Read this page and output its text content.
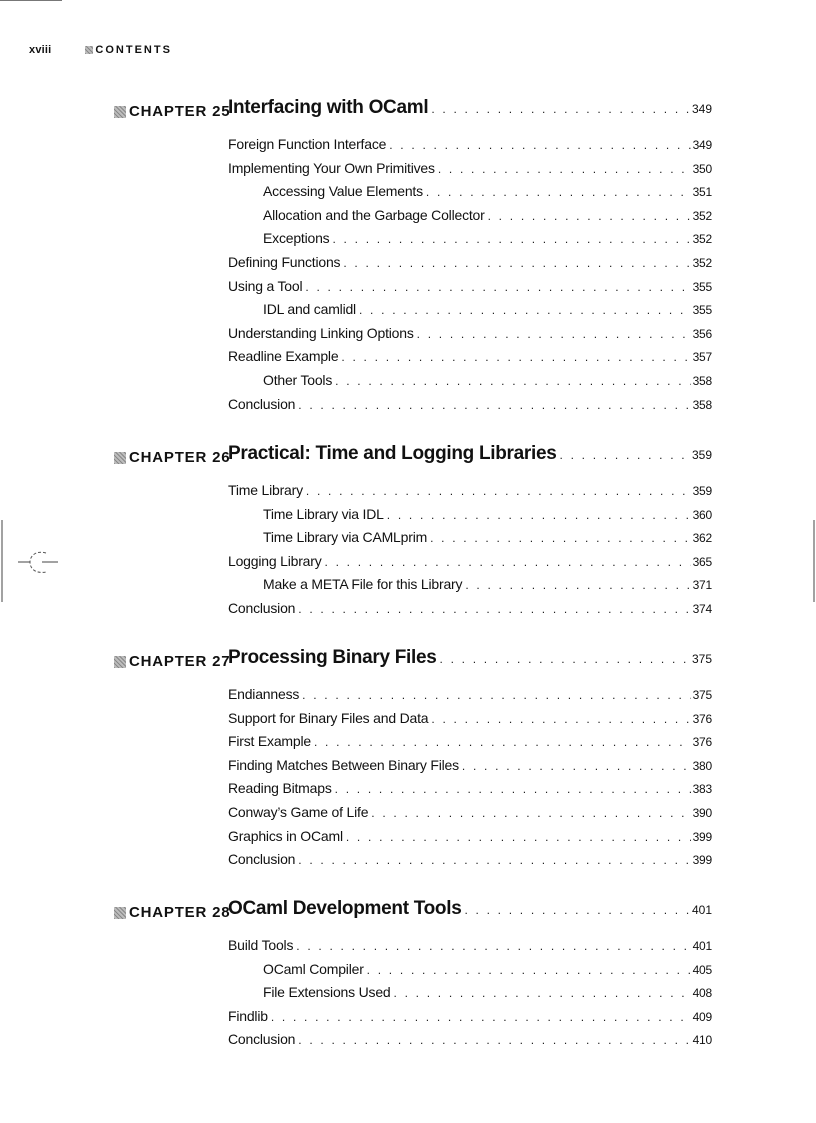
xviii	CONTENTS
CHAPTER 25
Interfacing with OCaml . . .	349
Foreign Function Interface . . .	349
Implementing Your Own Primitives . . .	350
Accessing Value Elements . . .	351
Allocation and the Garbage Collector . . .	352
Exceptions . . .	352
Defining Functions . . .	352
Using a Tool . . .	355
IDL and camlidl . . .	355
Understanding Linking Options . . .	356
Readline Example . . .	357
Other Tools . . .	358
Conclusion . . .	358
CHAPTER 26
Practical: Time and Logging Libraries . . .	359
Time Library . . .	359
Time Library via IDL . . .	360
Time Library via CAMLprim . . .	362
Logging Library . . .	365
Make a META File for this Library . . .	371
Conclusion . . .	374
CHAPTER 27
Processing Binary Files . . .	375
Endianness . . .	375
Support for Binary Files and Data . . .	376
First Example . . .	376
Finding Matches Between Binary Files . . .	380
Reading Bitmaps . . .	383
Conway’s Game of Life . . .	390
Graphics in OCaml . . .	399
Conclusion . . .	399
CHAPTER 28
OCaml Development Tools . . .	401
Build Tools . . .	401
OCaml Compiler . . .	405
File Extensions Used . . .	408
Findlib . . .	409
Conclusion . . .	410
